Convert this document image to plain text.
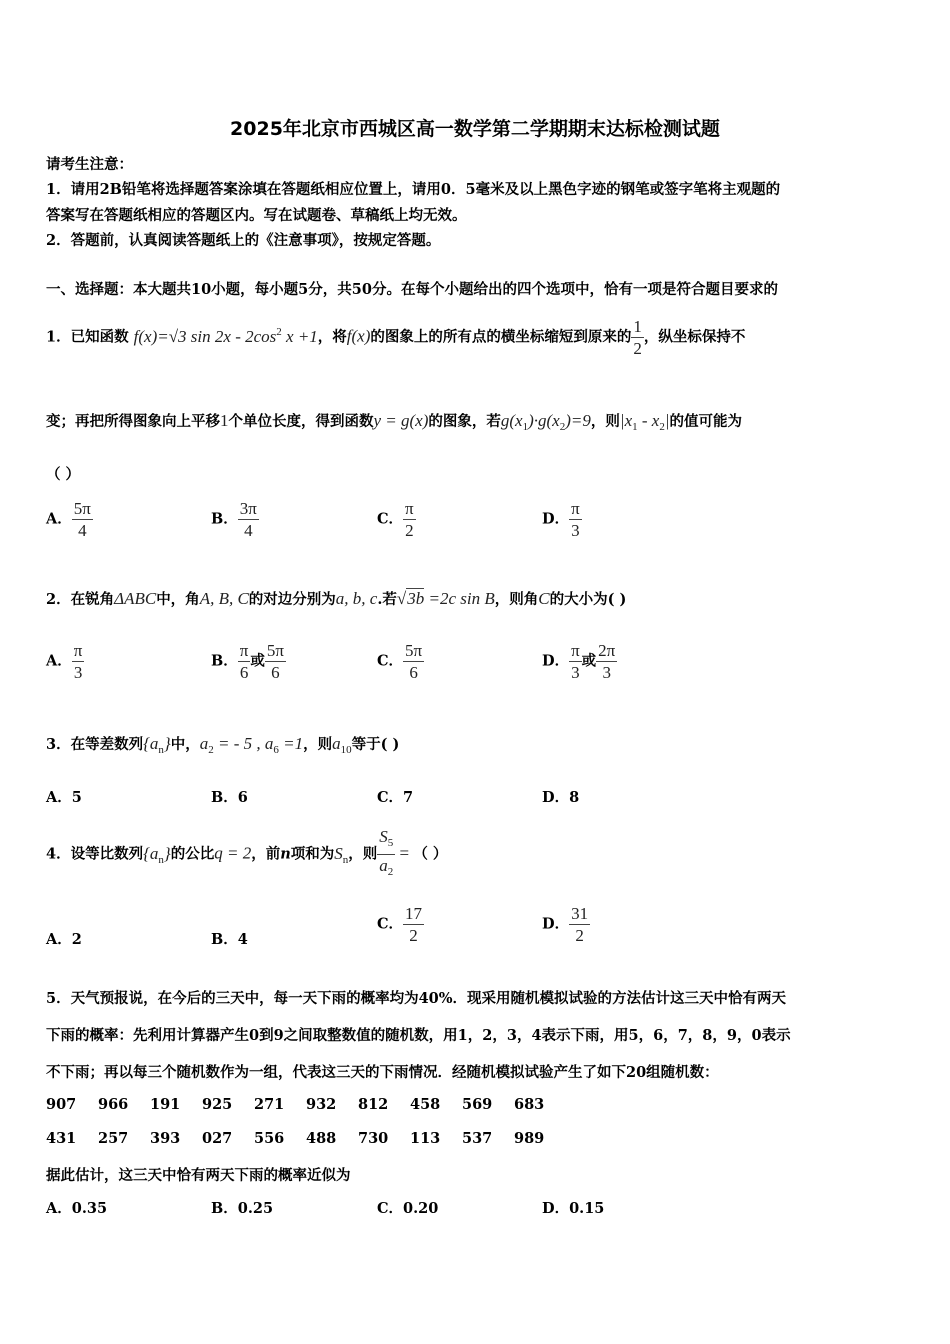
2025年北京市西城区高一数学第二学期期末达标检测试题
请考生注意：
1．请用2B铅笔将选择题答案涂填在答题纸相应位置上，请用0．5毫米及以上黑色字迹的钢笔或签字笔将主观题的
答案写在答题纸相应的答题区内。写在试题卷、草稿纸上均无效。
2．答题前，认真阅读答题纸上的《注意事项》，按规定答题。
一、选择题：本大题共10小题，每小题5分，共50分。在每个小题给出的四个选项中，恰有一项是符合题目要求的
1．已知函数 f(x)=√3 $\sin 2x - 2\cos^2$ x +1，将f(x)的图象上的所有点的横坐标缩短到原来的 $\frac{1}{2}$ ，纵坐标保持不
变；再把所得图象向上平移1个单位长度，得到函数y = g(x)的图象，若$g(x_1)\cdot g(x_2)=9$，则$|x_1 - x_2|$的值可能为
（ ）
A． $\frac{5\pi}{4}$	B． $\frac{3\pi}{4}$	C． $\frac{\pi}{2}$	D． $\frac{\pi}{3}$
2．在锐角ΔABC中，角A, B, C的对边分别为a, b, c.若√3b =2c sin B，则角C的大小为( )
A． $\frac{\pi}{3}$	B． $\frac{\pi}{6}$ 或 $\frac{5\pi}{6}$	C． $\frac{5\pi}{6}$	D． $\frac{\pi}{3}$ 或 $\frac{2\pi}{3}$
3．在等差数列$\{a_n\}$中，$a_2$ = - 5 , $a_6 =1$，则$a_{10}$等于( )
A．5	B．6	C．7	D．8
4．设等比数列$\{a_n\}$的公比q = 2，前n项和为$S_n$，则 $\frac{S_5}{a_2}$ = （ ）
A．2	B．4
C． $\frac{17}{2}$	D． $\frac{31}{2}$
5．天气预报说，在今后的三天中，每一天下雨的概率均为40%．现采用随机模拟试验的方法估计这三天中恰有两天
下雨的概率：先利用计算器产生0到9之间取整数值的随机数，用1，2，3，4表示下雨，用5，6，7，8，9，0表示
不下雨；再以每三个随机数作为一组，代表这三天的下雨情况．经随机模拟试验产生了如下20组随机数：
907 966 191 925 271 932 812 458 569 683
431 257 393 027 556 488 730 113 537 989
据此估计，这三天中恰有两天下雨的概率近似为
A．0.35	B．0.25	C．0.20	D．0.15
